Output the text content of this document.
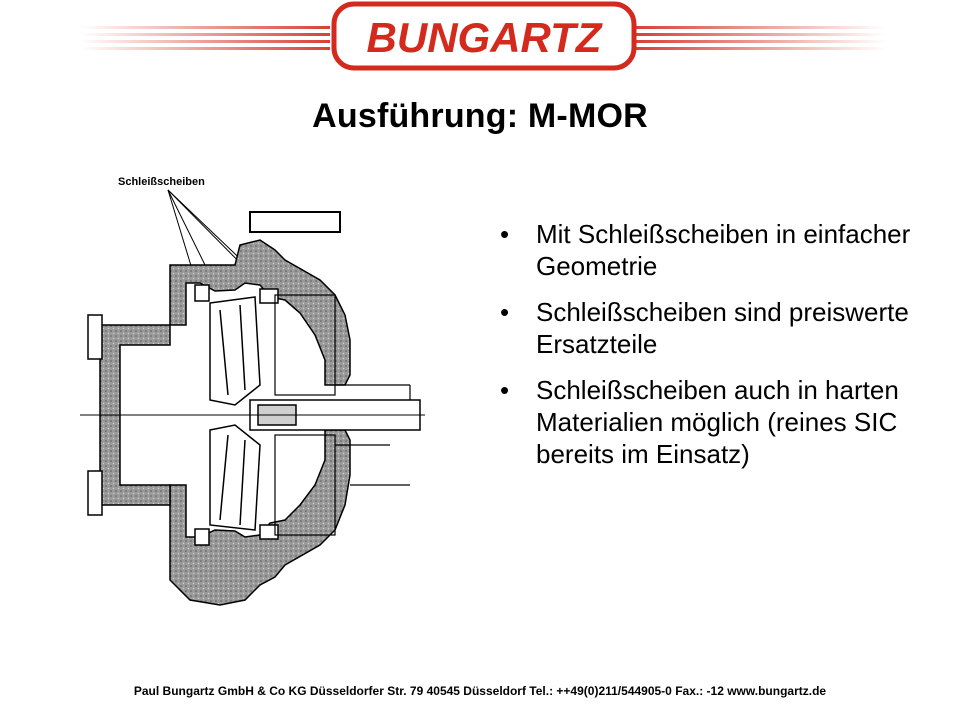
BUNGARTZ
Ausführung: M-MOR
Schleißscheiben
• Mit Schleißscheiben in einfacher Geometrie
• Schleißscheiben sind preiswerte Ersatzteile
• Schleißscheiben auch in harten Materialien möglich (reines SIC bereits im Einsatz)
Paul Bungartz GmbH & Co KG Düsseldorfer Str. 79 40545 Düsseldorf Tel.: ++49(0)211/544905-0 Fax.: -12 www.bungartz.de
